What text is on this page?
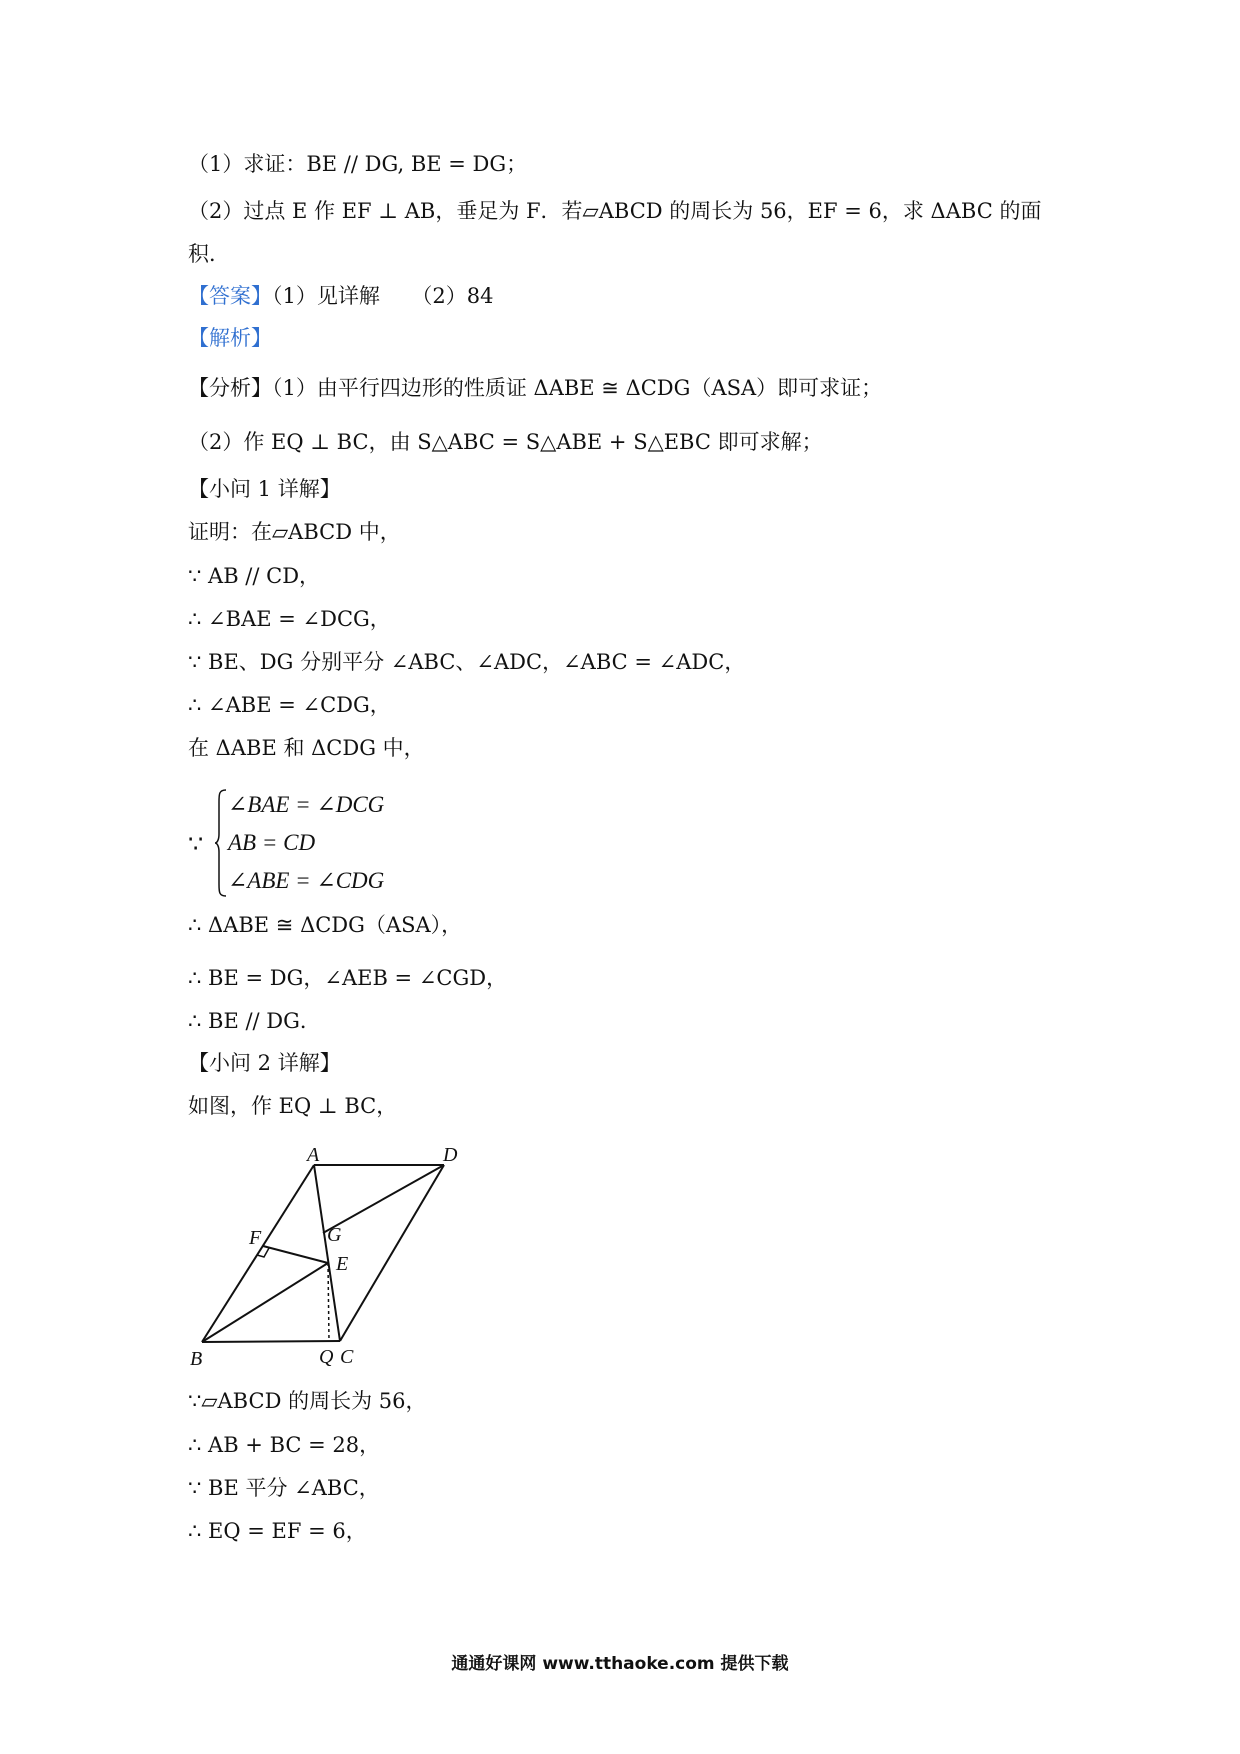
（1）求证：BE // DG, BE = DG；
（2）过点 E 作 EF ⊥ AB，垂足为 F．若▱ABCD 的周长为 56，EF = 6，求 ΔABC 的面
积．
【答案】（1）见详解　　（2）84
【解析】
【分析】（1）由平行四边形的性质证 ΔABE ≅ ΔCDG（ASA）即可求证；
（2）作 EQ ⊥ BC，由 S△ABC = S△ABE + S△EBC 即可求解；
【小问 1 详解】
证明：在▱ABCD 中，
∵ AB // CD，
∴ ∠BAE = ∠DCG，
∵ BE、DG 分别平分 ∠ABC、∠ADC，∠ABC = ∠ADC，
∴ ∠ABE = ∠CDG，
在 ΔABE 和 ΔCDG 中，
∵
∠BAE = ∠DCG
AB = CD
∠ABE = ∠CDG
∴ ΔABE ≅ ΔCDG（ASA），
∴ BE = DG，∠AEB = ∠CGD，
∴ BE // DG．
【小问 2 详解】
如图，作 EQ ⊥ BC，
A	D
F	G
E
B	Q C
∵▱ABCD 的周长为 56，
∴ AB + BC = 28，
∵ BE 平分 ∠ABC，
∴ EQ = EF = 6，
通通好课网 www.tthaoke.com 提供下载
